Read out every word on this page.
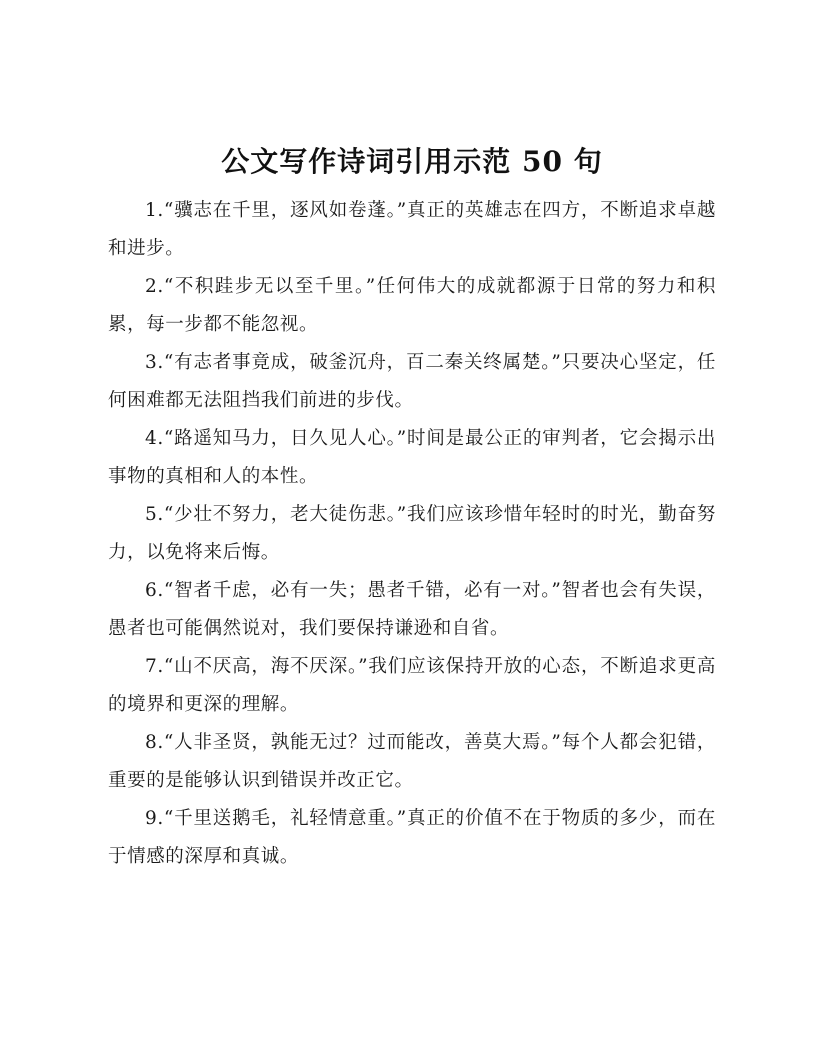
公文写作诗词引用示范 50 句

1.“骥志在千里，逐风如卷蓬。”真正的英雄志在四方，不断追求卓越和进步。

2.“不积跬步无以至千里。”任何伟大的成就都源于日常的努力和积累，每一步都不能忽视。

3.“有志者事竟成，破釜沉舟，百二秦关终属楚。”只要决心坚定，任何困难都无法阻挡我们前进的步伐。

4.“路遥知马力，日久见人心。”时间是最公正的审判者，它会揭示出事物的真相和人的本性。

5.“少壮不努力，老大徒伤悲。”我们应该珍惜年轻时的时光，勤奋努力，以免将来后悔。

6.“智者千虑，必有一失；愚者千错，必有一对。”智者也会有失误，愚者也可能偶然说对，我们要保持谦逊和自省。

7.“山不厌高，海不厌深。”我们应该保持开放的心态，不断追求更高的境界和更深的理解。

8.“人非圣贤，孰能无过？过而能改，善莫大焉。”每个人都会犯错，重要的是能够认识到错误并改正它。

9.“千里送鹅毛，礼轻情意重。”真正的价值不在于物质的多少，而在于情感的深厚和真诚。
